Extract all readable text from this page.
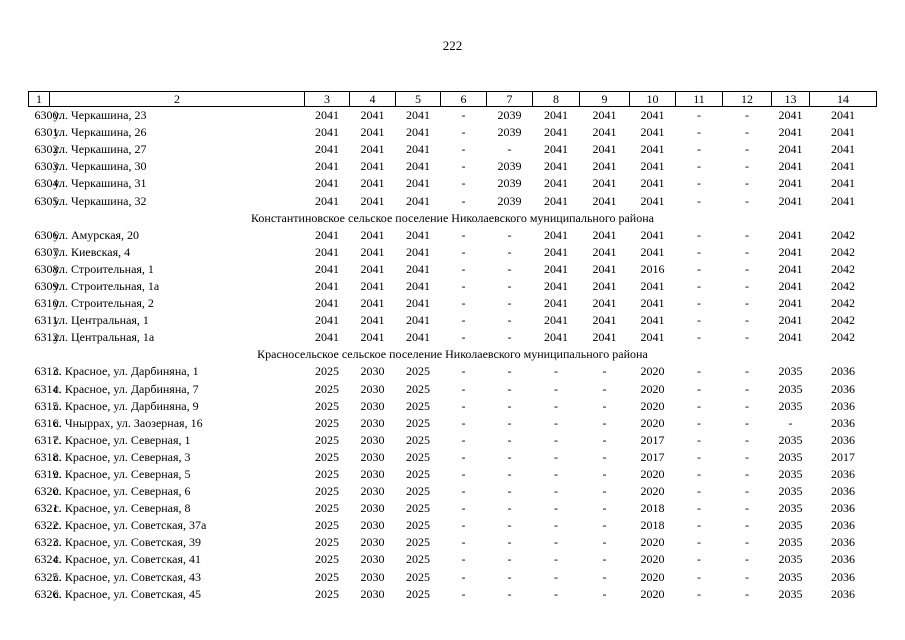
222
1	2	3	4	5	6	7	8	9	10	11	12	13	14
6300.	ул. Черкашина, 23	2041	2041	2041	-	2039	2041	2041	2041	-	-	2041	2041
6301.	ул. Черкашина, 26	2041	2041	2041	-	2039	2041	2041	2041	-	-	2041	2041
6302.	ул. Черкашина, 27	2041	2041	2041	-	-	2041	2041	2041	-	-	2041	2041
6303.	ул. Черкашина, 30	2041	2041	2041	-	2039	2041	2041	2041	-	-	2041	2041
6304.	ул. Черкашина, 31	2041	2041	2041	-	2039	2041	2041	2041	-	-	2041	2041
6305.	ул. Черкашина, 32	2041	2041	2041	-	2039	2041	2041	2041	-	-	2041	2041
Константиновское сельское поселение Николаевского муниципального района													
6306.	ул. Амурская, 20	2041	2041	2041	-	-	2041	2041	2041	-	-	2041	2042
6307.	ул. Киевская, 4	2041	2041	2041	-	-	2041	2041	2041	-	-	2041	2042
6308.	ул. Строительная, 1	2041	2041	2041	-	-	2041	2041	2016	-	-	2041	2042
6309.	ул. Строительная, 1а	2041	2041	2041	-	-	2041	2041	2041	-	-	2041	2042
6310.	ул. Строительная, 2	2041	2041	2041	-	-	2041	2041	2041	-	-	2041	2042
6311.	ул. Центральная, 1	2041	2041	2041	-	-	2041	2041	2041	-	-	2041	2042
6312.	ул. Центральная, 1а	2041	2041	2041	-	-	2041	2041	2041	-	-	2041	2042
Красносельское сельское поселение Николаевского муниципального района													
6313.	с. Красное, ул. Дарбиняна, 1	2025	2030	2025	-	-	-	-	2020	-	-	2035	2036
6314.	с. Красное, ул. Дарбиняна, 7	2025	2030	2025	-	-	-	-	2020	-	-	2035	2036
6315.	с. Красное, ул. Дарбиняна, 9	2025	2030	2025	-	-	-	-	2020	-	-	2035	2036
6316.	с. Чныррах, ул. Заозерная, 16	2025	2030	2025	-	-	-	-	2020	-	-	-	2036
6317.	с. Красное, ул. Северная, 1	2025	2030	2025	-	-	-	-	2017	-	-	2035	2036
6318.	с. Красное, ул. Северная, 3	2025	2030	2025	-	-	-	-	2017	-	-	2035	2017
6319.	с. Красное, ул. Северная, 5	2025	2030	2025	-	-	-	-	2020	-	-	2035	2036
6320.	с. Красное, ул. Северная, 6	2025	2030	2025	-	-	-	-	2020	-	-	2035	2036
6321.	с. Красное, ул. Северная, 8	2025	2030	2025	-	-	-	-	2018	-	-	2035	2036
6322.	с. Красное, ул. Советская, 37а	2025	2030	2025	-	-	-	-	2018	-	-	2035	2036
6323.	с. Красное, ул. Советская, 39	2025	2030	2025	-	-	-	-	2020	-	-	2035	2036
6324.	с. Красное, ул. Советская, 41	2025	2030	2025	-	-	-	-	2020	-	-	2035	2036
6325.	с. Красное, ул. Советская, 43	2025	2030	2025	-	-	-	-	2020	-	-	2035	2036
6326.	с. Красное, ул. Советская, 45	2025	2030	2025	-	-	-	-	2020	-	-	2035	2036
